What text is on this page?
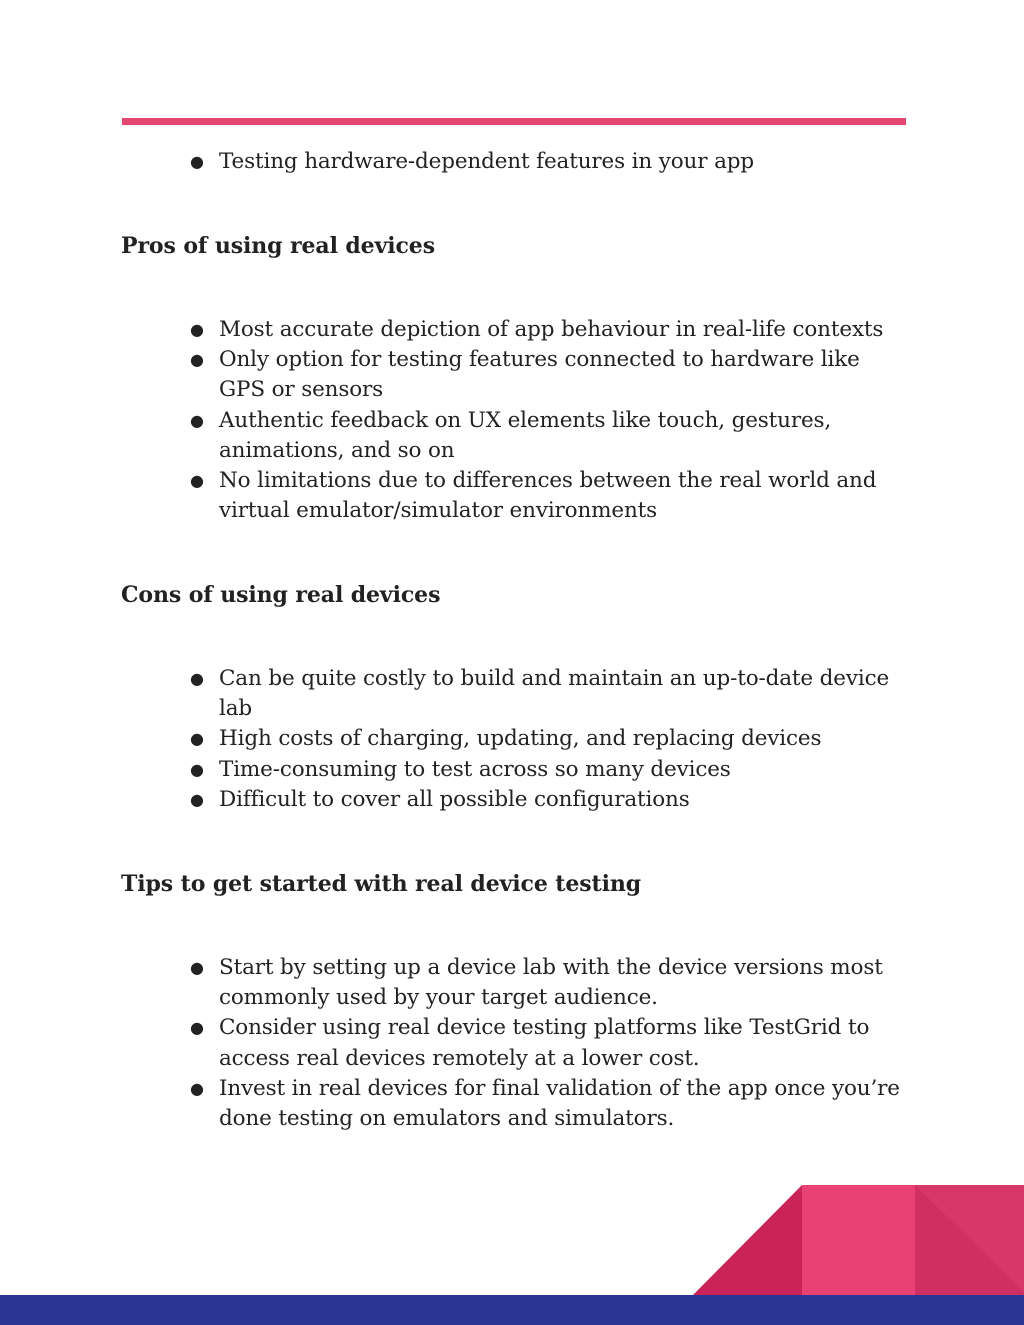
● Testing hardware-dependent features in your app
Pros of using real devices
● Most accurate depiction of app behaviour in real-life contexts
● Only option for testing features connected to hardware like GPS or sensors
● Authentic feedback on UX elements like touch, gestures, animations, and so on
● No limitations due to differences between the real world and virtual emulator/simulator environments
Cons of using real devices
● Can be quite costly to build and maintain an up-to-date device lab
● High costs of charging, updating, and replacing devices
● Time-consuming to test across so many devices
● Difficult to cover all possible configurations
Tips to get started with real device testing
● Start by setting up a device lab with the device versions most commonly used by your target audience.
● Consider using real device testing platforms like TestGrid to access real devices remotely at a lower cost.
● Invest in real devices for final validation of the app once you’re done testing on emulators and simulators.
